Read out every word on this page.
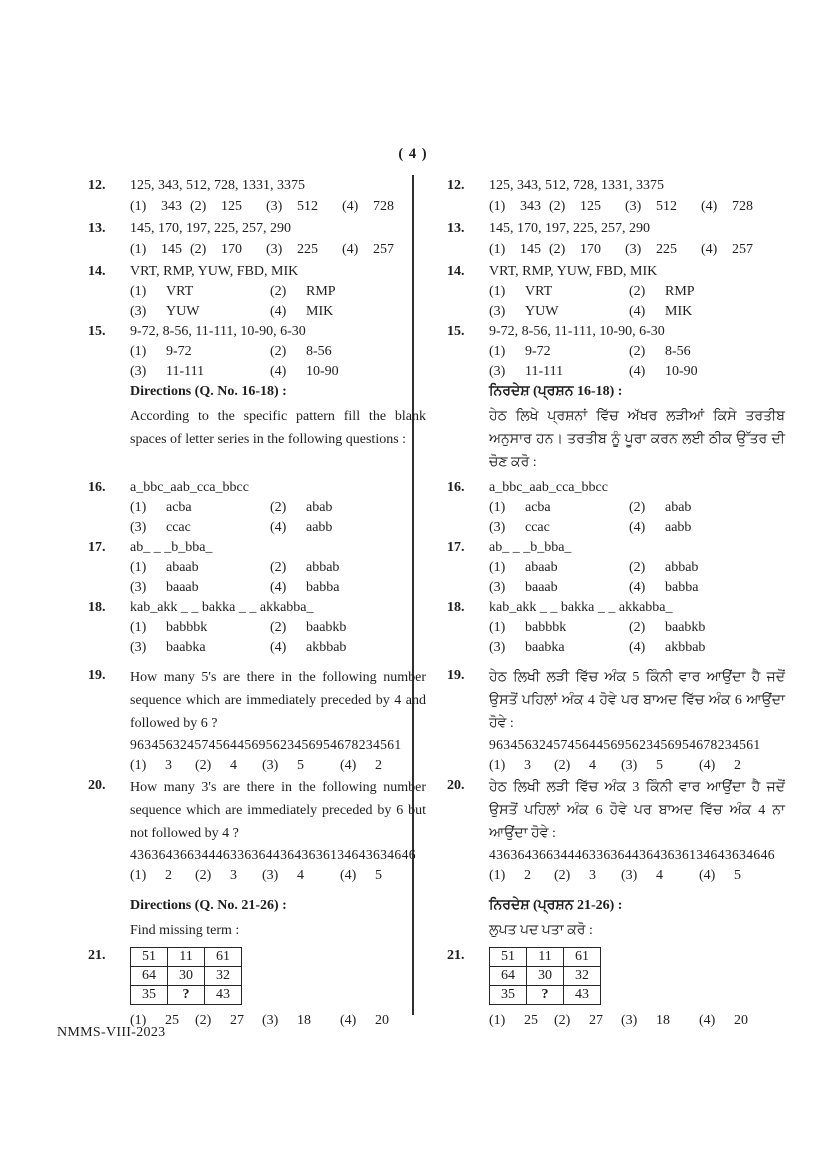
( 4 )
12.	125, 343, 512, 728, 1331, 3375
(1)	343 (2)	125 (3)	512 (4)	728
13.	145, 170, 197, 225, 257, 290
(1)	145 (2)	170 (3)	225 (4)	257
14.	VRT, RMP, YUW, FBD, MIK
(1)	VRT	(2)	RMP
(3)	YUW	(4)	MIK
15.	9-72, 8-56, 11-111, 10-90, 6-30
(1)	9-72	(2)	8-56
(3)	11-111	(4)	10-90
Directions (Q. No. 16-18) :
According to the specific pattern fill the blank spaces of letter series in the following questions :
16.	a_bbc_aab_cca_bbcc
(1)	acba	(2)	abab
(3)	ccac	(4)	aabb
17.	ab_ _ _b_bba_
(1)	abaab	(2)	abbab
(3)	baaab	(4)	babba
18.	kab_akk _ _ bakka _ _ akkabba_
(1)	babbbk	(2)	baabkb
(3)	baabka	(4)	akbbab
19.	How many 5's are there in the following number sequence which are immediately preceded by 4 and followed by 6 ?
96345632457456445695623456954678234561
(1)	3 (2)	4 (3)	5	(4)	2
20.	How many 3's are there in the following number sequence which are immediately preceded by 6 but not followed by 4 ?
4363643663444633636443643636134643634646
(1)	2 (2)	3 (3)	4	(4)	5
Directions (Q. No. 21-26) :
Find missing term :
21.	51	11	61
64	30	32
35	?	43
(1)	25 (2)	27 (3)	18 (4)	20
12.	125, 343, 512, 728, 1331, 3375
(1)	343 (2)	125 (3)	512 (4)	728
13.	145, 170, 197, 225, 257, 290
(1)	145 (2)	170 (3)	225 (4)	257
14.	VRT, RMP, YUW, FBD, MIK
(1)	VRT	(2)	RMP
(3)	YUW	(4)	MIK
15.	9-72, 8-56, 11-111, 10-90, 6-30
(1)	9-72	(2)	8-56
(3)	11-111	(4)	10-90
ਨਿਰਦੇਸ਼ (ਪ੍ਰਸ਼ਨ 16-18) :
ਹੇਠ ਲਿਖੇ ਪ੍ਰਸ਼ਨਾਂ ਵਿੱਚ ਅੱਖਰ ਲੜੀਆਂ ਕਿਸੇ ਤਰਤੀਬ ਅਨੁਸਾਰ ਹਨ। ਤਰਤੀਬ ਨੂੰ ਪੂਰਾ ਕਰਨ ਲਈ ਠੀਕ ਉੱਤਰ ਦੀ ਚੋਣ ਕਰੋ :
16.	a_bbc_aab_cca_bbcc
(1)	acba	(2)	abab
(3)	ccac	(4)	aabb
17.	ab_ _ _b_bba_
(1)	abaab	(2)	abbab
(3)	baaab	(4)	babba
18.	kab_akk _ _ bakka _ _ akkabba_
(1)	babbbk	(2)	baabkb
(3)	baabka	(4)	akbbab
19.	ਹੇਠ ਲਿਖੀ ਲੜੀ ਵਿੱਚ ਅੰਕ 5 ਕਿੰਨੀ ਵਾਰ ਆਉਂਦਾ ਹੈ ਜਦੋਂ ਉਸਤੋਂ ਪਹਿਲਾਂ ਅੰਕ 4 ਹੋਵੇ ਪਰ ਬਾਅਦ ਵਿੱਚ ਅੰਕ 6 ਆਉਂਦਾ ਹੋਵੇ :
96345632457456445695623456954678234561
(1)	3 (2)	4 (3)	5	(4)	2
20.	ਹੇਠ ਲਿਖੀ ਲੜੀ ਵਿੱਚ ਅੰਕ 3 ਕਿੰਨੀ ਵਾਰ ਆਉਂਦਾ ਹੈ ਜਦੋਂ ਉਸਤੋਂ ਪਹਿਲਾਂ ਅੰਕ 6 ਹੋਵੇ ਪਰ ਬਾਅਦ ਵਿੱਚ ਅੰਕ 4 ਨਾ ਆਉਂਦਾ ਹੋਵੇ :
4363643663444633636443643636134643634646
(1)	2 (2)	3 (3)	4	(4)	5
ਨਿਰਦੇਸ਼ (ਪ੍ਰਸ਼ਨ 21-26) :
ਲੁਪਤ ਪਦ ਪਤਾ ਕਰੋ :
21.	51	11	61
64	30	32
35	?	43
(1)	25 (2)	27 (3)	18 (4)	20
NMMS-VIII-2023
